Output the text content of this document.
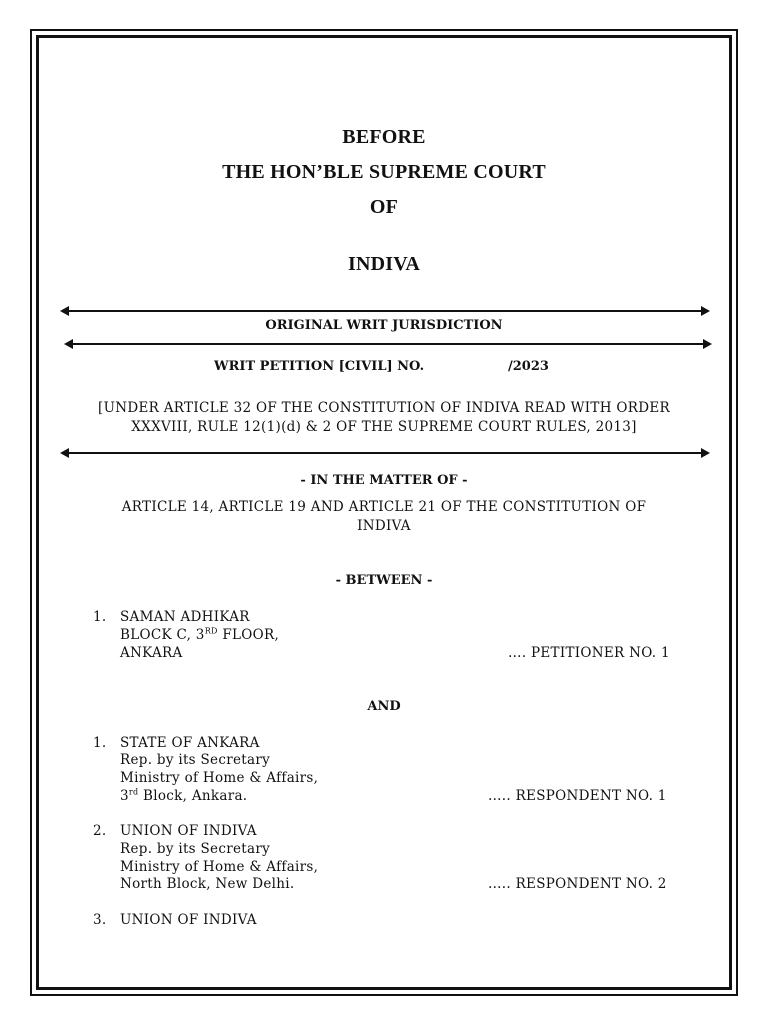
BEFORE
THE HON’BLE SUPREME COURT
OF
INDIVA
ORIGINAL WRIT JURISDICTION
WRIT PETITION [CIVIL] NO.	/2023
[UNDER ARTICLE 32 OF THE CONSTITUTION OF INDIVA READ WITH ORDER
XXXVIII, RULE 12(1)(d) & 2 OF THE SUPREME COURT RULES, 2013]
- IN THE MATTER OF -
ARTICLE 14, ARTICLE 19 AND ARTICLE 21 OF THE CONSTITUTION OF
INDIVA
- BETWEEN -
1. SAMAN ADHIKAR
BLOCK C, 3RD FLOOR,
ANKARA	…. PETITIONER NO. 1
AND
1. STATE OF ANKARA
Rep. by its Secretary
Ministry of Home & Affairs,
3rd Block, Ankara.	….. RESPONDENT NO. 1
2. UNION OF INDIVA
Rep. by its Secretary
Ministry of Home & Affairs,
North Block, New Delhi.	….. RESPONDENT NO. 2
3. UNION OF INDIVA
